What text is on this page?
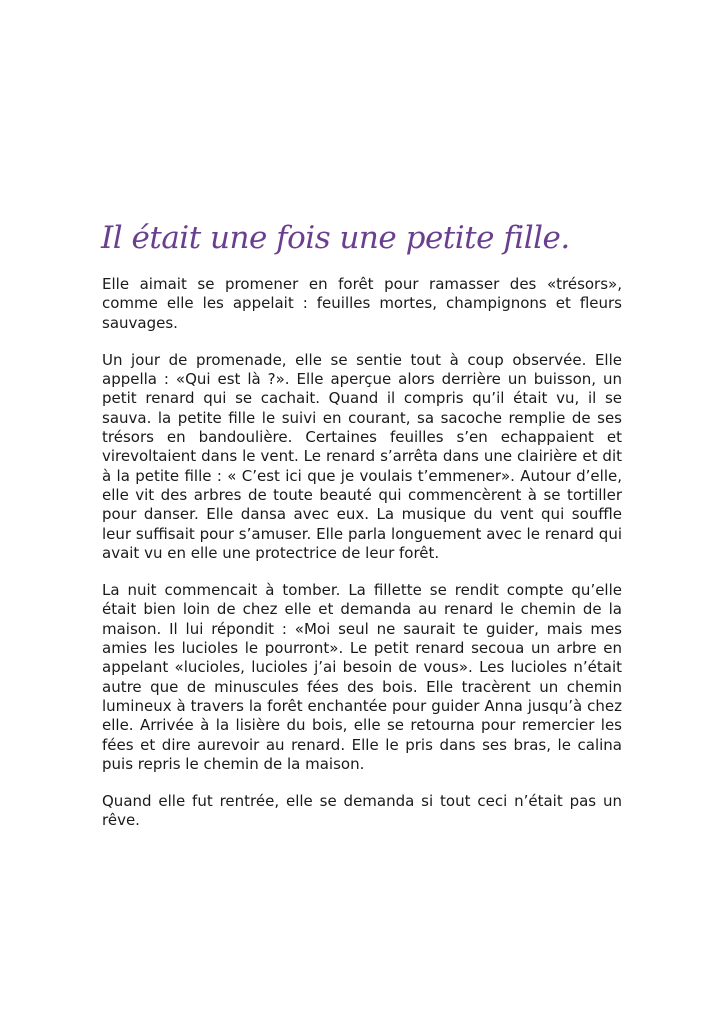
Il était une fois une petite fille.

Elle aimait se promener en forêt pour ramasser des «trésors», comme elle les appelait : feuilles mortes, champignons et fleurs sauvages.

Un jour de promenade, elle se sentie tout à coup observée. Elle appella : «Qui est là ?». Elle aperçue alors derrière un buisson, un petit renard qui se cachait. Quand il compris qu’il était vu, il se sauva. la petite fille le suivi en courant, sa sacoche remplie de ses trésors en bandoulière. Certaines feuilles s’en echappaient et virevoltaient dans le vent. Le renard s’arrêta dans une clairière et dit à la petite fille : « C’est ici que je voulais t’emmener». Autour d’elle, elle vit des arbres de toute beauté qui commencèrent à se tortiller pour danser. Elle dansa avec eux. La musique du vent qui souffle leur suffisait pour s’amuser. Elle parla longuement avec le renard qui avait vu en elle une protectrice de leur forêt.

La nuit commencait à tomber. La fillette se rendit compte qu’elle était bien loin de chez elle et demanda au renard le chemin de la maison. Il lui répondit : «Moi seul ne saurait te guider, mais mes amies les lucioles le pourront». Le petit renard secoua un arbre en appelant «lucioles, lucioles j’ai besoin de vous». Les lucioles n’était autre que de minuscules fées des bois. Elle tracèrent un chemin lumineux à travers la forêt enchantée pour guider Anna jusqu’à chez elle. Arrivée à la lisière du bois, elle se retourna pour remercier les fées et dire aurevoir au renard. Elle le pris dans ses bras, le calina puis repris le chemin de la maison.

Quand elle fut rentrée, elle se demanda si tout ceci n’était pas un rêve.
